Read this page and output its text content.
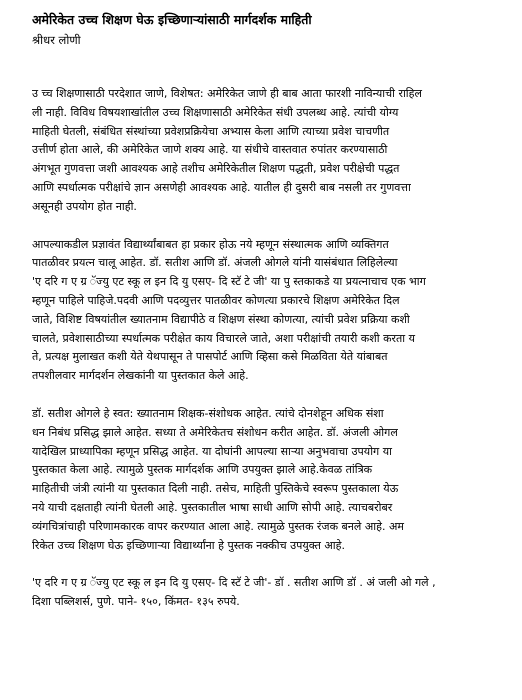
अमेरिकेत उच्च शिक्षण घेऊ इच्छिणाऱ्यांसाठी मार्गदर्शक माहिती
श्रीधर लोणी

उ च्च शिक्षणासाठी परदेशात जाणे, विशेषत: अमेरिकेत जाणे ही बाब आता फारशी नाविन्याची राहिल
ली नाही. विविध विषयशाखांतील उच्च शिक्षणासाठी अमेरिकेत संधी उपलब्ध आहे. त्यांची योग्य
माहिती घेतली, संबंधित संस्थांच्या प्रवेशप्रक्रियेचा अभ्यास केला आणि त्याच्या प्रवेश चाचणीत
उत्तीर्ण होता आले, की अमेरिकेत जाणे शक्य आहे. या संधीचे वास्तवात रुपांतर करण्यासाठी
अंगभूत गुणवत्ता जशी आवश्यक आहे तशीच अमेरिकेतील शिक्षण पद्धती, प्रवेश परीक्षेची पद्धत
आणि स्पर्धात्मक परीक्षांचे ज्ञान असणेही आवश्यक आहे. यातील ही दुसरी बाब नसली तर गुणवत्ता
असूनही उपयोग होत नाही.

आपल्याकडील प्रज्ञावंत विद्यार्थ्यांबाबत हा प्रकार होऊ नये म्हणून संस्थात्मक आणि व्यक्तिगत
पातळीवर प्रयत्न चालू आहेत. डॉ. सतीश आणि डॉ. अंजली ओगले यांनी यासंबंधात लिहिलेल्या
'ए दरि ग ए ग्र ॅज्यु एट स्कू ल इन दि यु एसए- दि स्टॅ टे जी' या पु स्तकाकडे या प्रयत्नाचाच एक भाग
म्हणून पाहिले पाहिजे.पदवी आणि पदव्युत्तर पातळीवर कोणत्या प्रकारचे शिक्षण अमेरिकेत दिल
जाते, विशिष्ट विषयांतील ख्यातनाम विद्यापीठे व शिक्षण संस्था कोणत्या, त्यांची प्रवेश प्रक्रिया कशी
चालते, प्रवेशासाठीच्या स्पर्धात्मक परीक्षेत काय विचारले जाते, अशा परीक्षांची तयारी कशी करता य
ते, प्रत्यक्ष मुलाखत कशी येते येथपासून ते पासपोर्ट आणि व्हिसा कसे मिळविता येते यांबाबत
तपशीलवार मार्गदर्शन लेखकांनी या पुस्तकात केले आहे.

डॉ. सतीश ओगले हे स्वत: ख्यातनाम शिक्षक-संशोधक आहेत. त्यांचे दोनशेहून अधिक संशा
धन निबंध प्रसिद्ध झाले आहेत. सध्या ते अमेरिकेतच संशोधन करीत आहेत. डॉ. अंजली ओगल
यादेखिल प्राध्यापिका म्हणून प्रसिद्ध आहेत. या दोघांनी आपल्या साऱ्या अनुभवाचा उपयोग या
पुस्तकात केला आहे. त्यामुळे पुस्तक मार्गदर्शक आणि उपयुक्त झाले आहे.केवळ तांत्रिक
माहितीची जंत्री त्यांनी या पुस्तकात दिली नाही. तसेच, माहिती पुस्तिकेचे स्वरूप पुस्तकाला येऊ
नये याची दक्षताही त्यांनी घेतली आहे. पुस्तकातील भाषा साधी आणि सोपी आहे. त्याचबरोबर
व्यंगचित्रांचाही परिणामकारक वापर करण्यात आला आहे. त्यामुळे पुस्तक रंजक बनले आहे. अम
रिकेत उच्च शिक्षण घेऊ इच्छिणाऱ्या विद्यार्थ्यांना हे पुस्तक नक्कीच उपयुक्त आहे.

'ए दरि ग ए ग्र ॅज्यु एट स्कू ल इन दि यु एसए- दि स्टॅ टे जी'- डॉ . सतीश आणि डॉ . अं जली ओ गले ,
दिशा पब्लिशर्स, पुणे. पाने- १५०, किंमत- १३५ रुपये.
